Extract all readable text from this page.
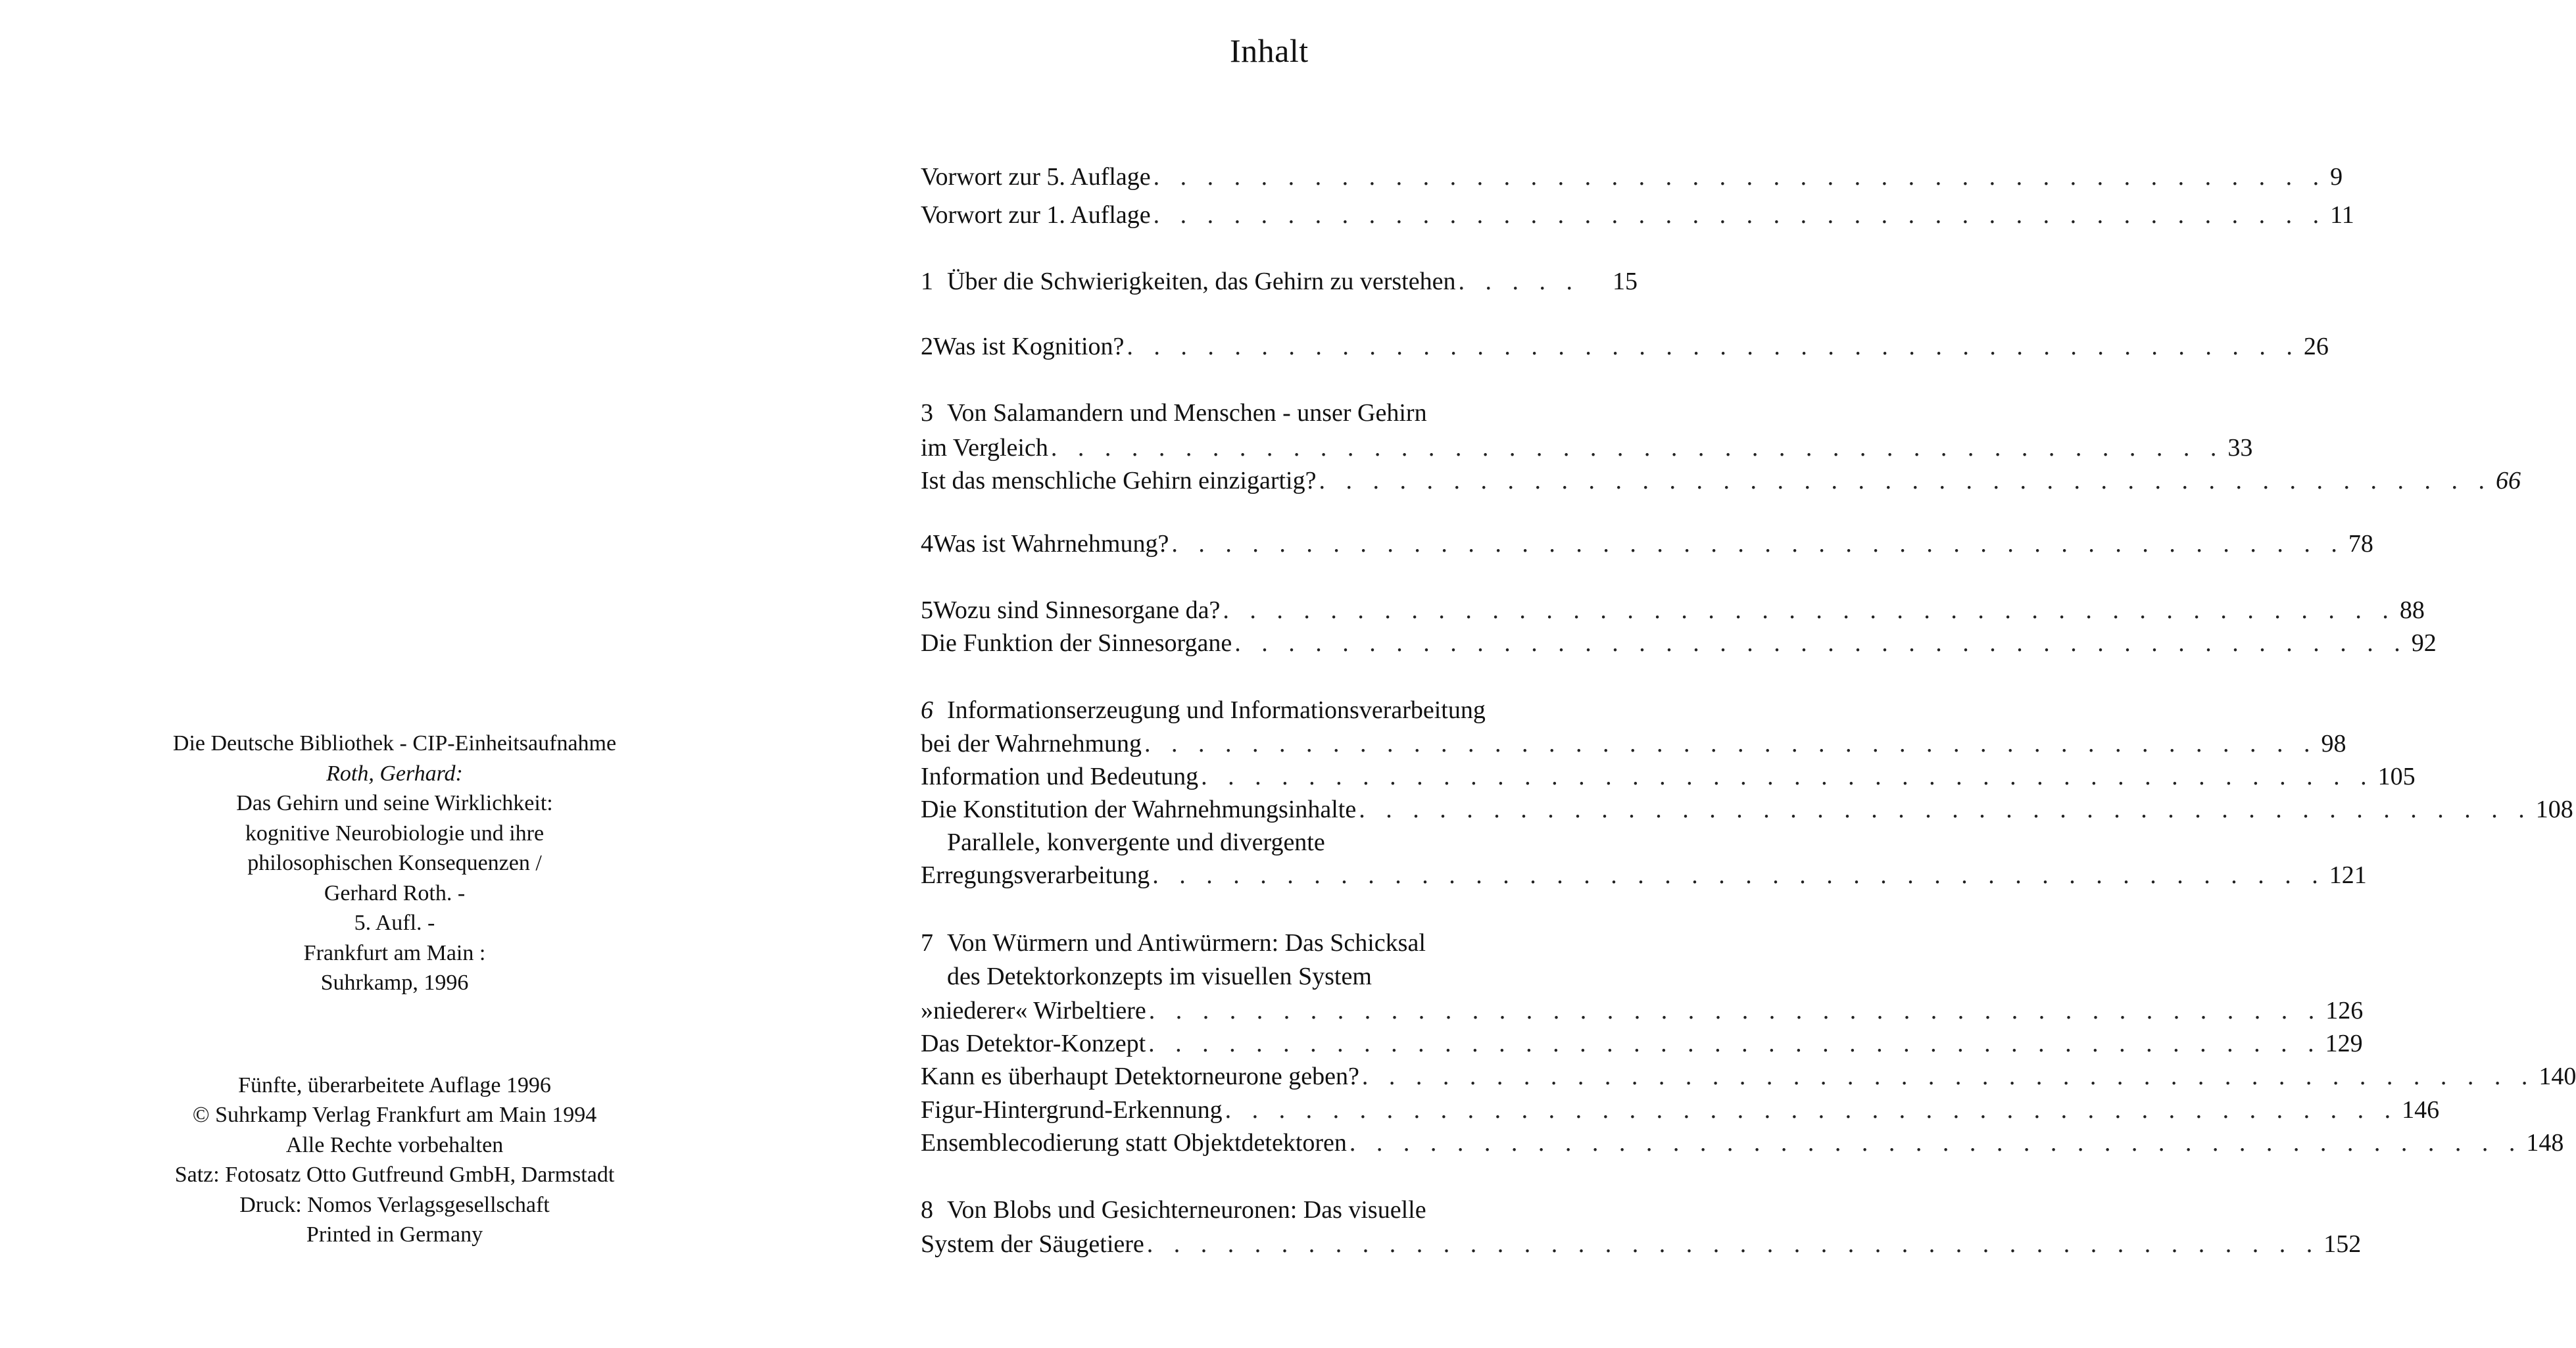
Die Deutsche Bibliothek - CIP-Einheitsaufnahme
Roth, Gerhard:
Das Gehirn und seine Wirklichkeit:
kognitive Neurobiologie und ihre
philosophischen Konsequenzen /
Gerhard Roth. -
5. Aufl. -
Frankfurt am Main :
Suhrkamp, 1996
Fünfte, überarbeitete Auflage 1996
© Suhrkamp Verlag Frankfurt am Main 1994
Alle Rechte vorbehalten
Satz: Fotosatz Otto Gutfreund GmbH, Darmstadt
Druck: Nomos Verlagsgesellschaft
Printed in Germany
Inhalt
Vorwort zur 5. Auflage . . . . . . . . . . . . . . . . . . . . . . . . . . . . . . . . . . . . . . . . . . . . 9
Vorwort zur 1. Auflage . . . . . . . . . . . . . . . . . . . . . . . . . . . . . . . . . . . . . . . . . . . . 11
1 Über die Schwierigkeiten, das Gehirn zu verstehen . . . . .	15
2 Was ist Kognition? . . . . . . . . . . . . . . . . . . . . . . . . . . . . . . . . . . . . . . . . . . . . 26
3 Von Salamandern und Menschen - unser Gehirn
im Vergleich . . . . . . . . . . . . . . . . . . . . . . . . . . . . . . . . . . . . . . . . . . . . 33
Ist das menschliche Gehirn einzigartig? . . . . . . . . . . . . . . . . . . . . . . . . . . . . . . . . . . . . . . . . . . . . 66
4 Was ist Wahrnehmung? . . . . . . . . . . . . . . . . . . . . . . . . . . . . . . . . . . . . . . . . . . . . 78
5 Wozu sind Sinnesorgane da? . . . . . . . . . . . . . . . . . . . . . . . . . . . . . . . . . . . . . . . . . . . . 88
Die Funktion der Sinnesorgane . . . . . . . . . . . . . . . . . . . . . . . . . . . . . . . . . . . . . . . . . . . . 92
6 Informationserzeugung und Informationsverarbeitung
bei der Wahrnehmung . . . . . . . . . . . . . . . . . . . . . . . . . . . . . . . . . . . . . . . . . . . . 98
Information und Bedeutung . . . . . . . . . . . . . . . . . . . . . . . . . . . . . . . . . . . . . . . . . . . . 105
Die Konstitution der Wahrnehmungsinhalte . . . . . . . . . . . . . . . . . . . . . . . . . . . . . . . . . . . . . . . . . . . . 108
Parallele, konvergente und divergente
Erregungsverarbeitung . . . . . . . . . . . . . . . . . . . . . . . . . . . . . . . . . . . . . . . . . . . . 121
7 Von Würmern und Antiwürmern: Das Schicksal
des Detektorkonzepts im visuellen System
»niederer« Wirbeltiere . . . . . . . . . . . . . . . . . . . . . . . . . . . . . . . . . . . . . . . . . . . . 126
Das Detektor-Konzept . . . . . . . . . . . . . . . . . . . . . . . . . . . . . . . . . . . . . . . . . . . . 129
Kann es überhaupt Detektorneurone geben? . . . . . . . . . . . . . . . . . . . . . . . . . . . . . . . . . . . . . . . . . . . . 140
Figur-Hintergrund-Erkennung . . . . . . . . . . . . . . . . . . . . . . . . . . . . . . . . . . . . . . . . . . . . 146
Ensemblecodierung statt Objektdetektoren . . . . . . . . . . . . . . . . . . . . . . . . . . . . . . . . . . . . . . . . . . . . 148
8 Von Blobs und Gesichterneuronen: Das visuelle
System der Säugetiere . . . . . . . . . . . . . . . . . . . . . . . . . . . . . . . . . . . . . . . . . . . . 152
